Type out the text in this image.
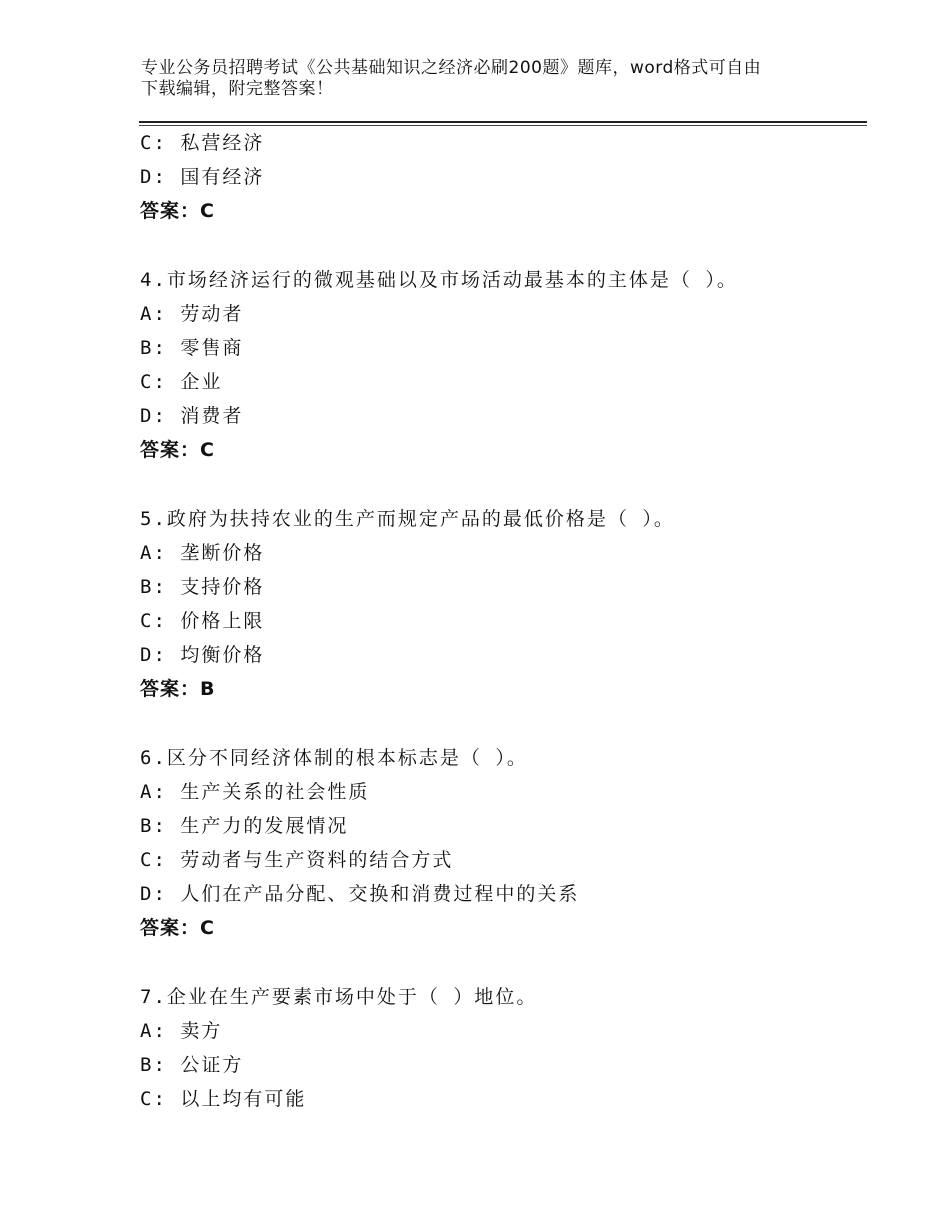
专业公务员招聘考试《公共基础知识之经济必刷200题》题库，word格式可自由
下载编辑，附完整答案！
C: 私营经济
D: 国有经济
答案：C
4.市场经济运行的微观基础以及市场活动最基本的主体是（ ）。
A: 劳动者
B: 零售商
C: 企业
D: 消费者
答案：C
5.政府为扶持农业的生产而规定产品的最低价格是（ ）。
A: 垄断价格
B: 支持价格
C: 价格上限
D: 均衡价格
答案：B
6.区分不同经济体制的根本标志是（ ）。
A: 生产关系的社会性质
B: 生产力的发展情况
C: 劳动者与生产资料的结合方式
D: 人们在产品分配、交换和消费过程中的关系
答案：C
7.企业在生产要素市场中处于（ ）地位。
A: 卖方
B: 公证方
C: 以上均有可能
